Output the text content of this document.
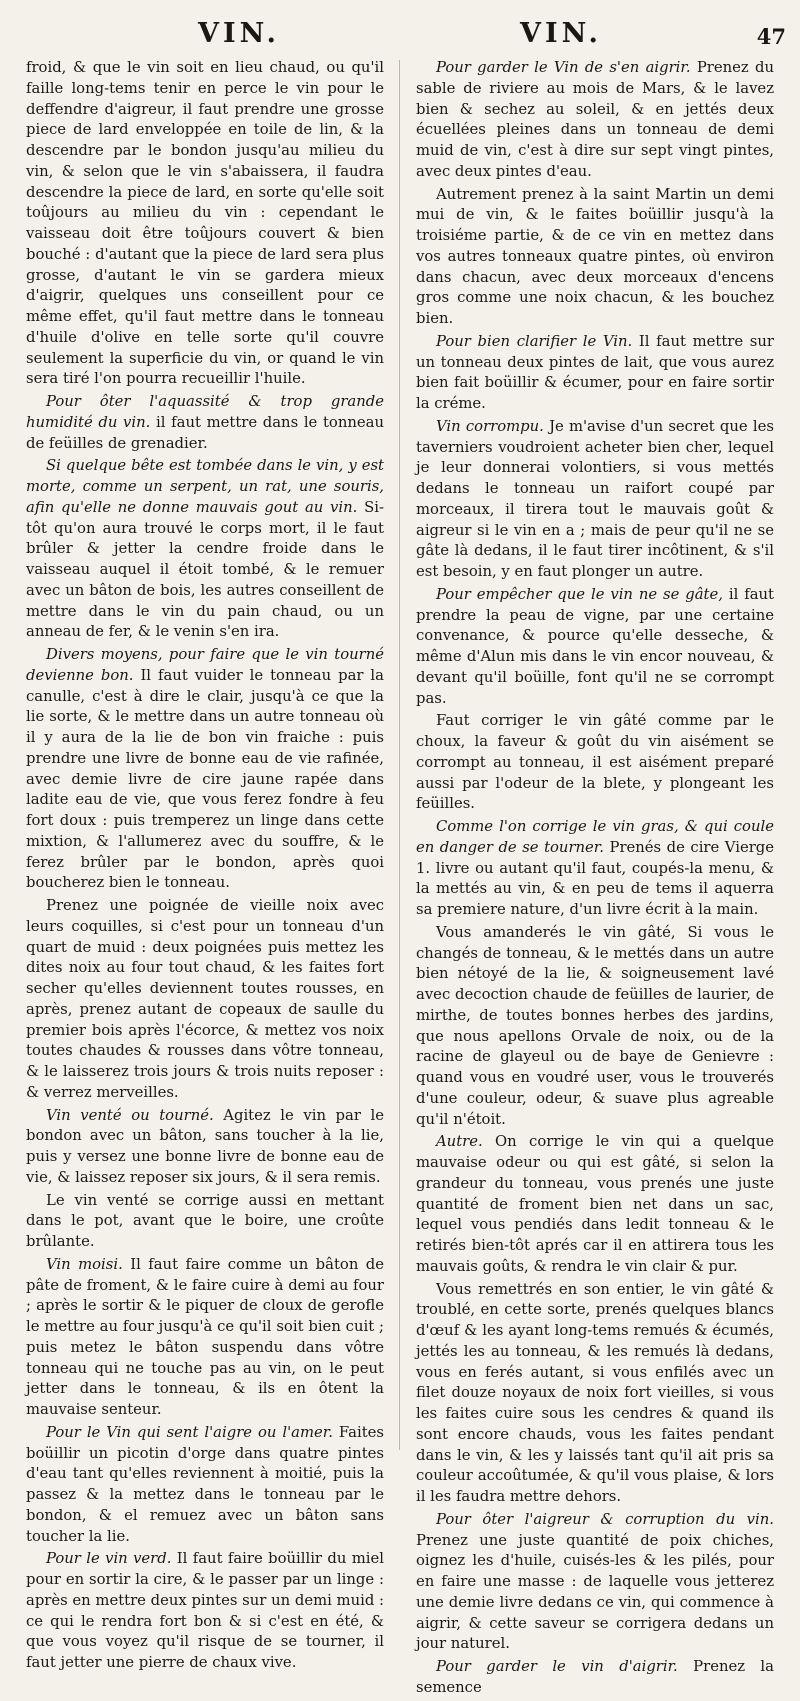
VIN.	VIN.	47

froid, & que le vin soit en lieu chaud, ou qu'il faille long-tems tenir en perce le vin pour le deffendre d'aigreur, il faut prendre une grosse piece de lard enveloppée en toile de lin, & la descendre par le bondon jusqu'au milieu du vin, & selon que le vin s'abaissera, il faudra descendre la piece de lard, en sorte qu'elle soit toûjours au milieu du vin : cependant le vaisseau doit être toûjours couvert & bien bouché : d'autant que la piece de lard sera plus grosse, d'autant le vin se gardera mieux d'aigrir, quelques uns conseillent pour ce même effet, qu'il faut mettre dans le tonneau d'huile d'olive en telle sorte qu'il couvre seulement la superficie du vin, or quand le vin sera tiré l'on pourra recueillir l'huile.

Pour ôter l'aquassité & trop grande humidité du vin. il faut mettre dans le tonneau de feüilles de grenadier.

Si quelque bête est tombée dans le vin, y est morte, comme un serpent, un rat, une souris, afin qu'elle ne donne mauvais gout au vin. Si-tôt qu'on aura trouvé le corps mort, il le faut brûler & jetter la cendre froide dans le vaisseau auquel il étoit tombé, & le remuer avec un bâton de bois, les autres conseillent de mettre dans le vin du pain chaud, ou un anneau de fer, & le venin s'en ira.

Divers moyens, pour faire que le vin tourné devienne bon. Il faut vuider le tonneau par la canulle, c'est à dire le clair, jusqu'à ce que la lie sorte, & le mettre dans un autre tonneau où il y aura de la lie de bon vin fraiche : puis prendre une livre de bonne eau de vie rafinée, avec demie livre de cire jaune rapée dans ladite eau de vie, que vous ferez fondre à feu fort doux : puis tremperez un linge dans cette mixtion, & l'allumerez avec du souffre, & le ferez brûler par le bondon, après quoi boucherez bien le tonneau.

Prenez une poignée de vieille noix avec leurs coquilles, si c'est pour un tonneau d'un quart de muid : deux poignées puis mettez les dites noix au four tout chaud, & les faites fort secher qu'elles deviennent toutes rousses, en après, prenez autant de copeaux de saulle du premier bois après l'écorce, & mettez vos noix toutes chaudes & rousses dans vôtre tonneau, & le laisserez trois jours & trois nuits reposer : & verrez merveilles.

Vin venté ou tourné. Agitez le vin par le bondon avec un bâton, sans toucher à la lie, puis y versez une bonne livre de bonne eau de vie, & laissez reposer six jours, & il sera remis.

Le vin venté se corrige aussi en mettant dans le pot, avant que le boire, une croûte brûlante.

Vin moisi. Il faut faire comme un bâton de pâte de froment, & le faire cuire à demi au four ; après le sortir & le piquer de cloux de gerofle le mettre au four jusqu'à ce qu'il soit bien cuit ; puis metez le bâton suspendu dans vôtre tonneau qui ne touche pas au vin, on le peut jetter dans le tonneau, & ils en ôtent la mauvaise senteur.

Pour le Vin qui sent l'aigre ou l'amer. Faites boüillir un picotin d'orge dans quatre pintes d'eau tant qu'elles reviennent à moitié, puis la passez & la mettez dans le tonneau par le bondon, & el remuez avec un bâton sans toucher la lie.

Pour le vin verd. Il faut faire boüillir du miel pour en sortir la cire, & le passer par un linge : après en mettre deux pintes sur un demi muid : ce qui le rendra fort bon & si c'est en été, & que vous voyez qu'il risque de se tourner, il faut jetter une pierre de chaux vive.

Pour garder le Vin de s'en aigrir. Prenez du sable de riviere au mois de Mars, & le lavez bien & sechez au soleil, & en jettés deux écuellées pleines dans un tonneau de demi muid de vin, c'est à dire sur sept vingt pintes, avec deux pintes d'eau.

Autrement prenez à la saint Martin un demi mui de vin, & le faites boüillir jusqu'à la troisiéme partie, & de ce vin en mettez dans vos autres tonneaux quatre pintes, où environ dans chacun, avec deux morceaux d'encens gros comme une noix chacun, & les bouchez bien.

Pour bien clarifier le Vin. Il faut mettre sur un tonneau deux pintes de lait, que vous aurez bien fait boüillir & écumer, pour en faire sortir la créme.

Vin corrompu. Je m'avise d'un secret que les taverniers voudroient acheter bien cher, lequel je leur donnerai volontiers, si vous mettés dedans le tonneau un raifort coupé par morceaux, il tirera tout le mauvais goût & aigreur si le vin en a ; mais de peur qu'il ne se gâte là dedans, il le faut tirer incôtinent, & s'il est besoin, y en faut plonger un autre.

Pour empêcher que le vin ne se gâte, il faut prendre la peau de vigne, par une certaine convenance, & pource qu'elle desseche, & même d'Alun mis dans le vin encor nouveau, & devant qu'il boüille, font qu'il ne se corrompt pas.

Faut corriger le vin gâté comme par le choux, la faveur & goût du vin aisément se corrompt au tonneau, il est aisément preparé aussi par l'odeur de la blete, y plongeant les feüilles.

Comme l'on corrige le vin gras, & qui coule en danger de se tourner. Prenés de cire Vierge 1. livre ou autant qu'il faut, coupés-la menu, & la mettés au vin, & en peu de tems il aquerra sa premiere nature, d'un livre écrit à la main.

Vous amanderés le vin gâté, Si vous le changés de tonneau, & le mettés dans un autre bien nétoyé de la lie, & soigneusement lavé avec decoction chaude de feüilles de laurier, de mirthe, de toutes bonnes herbes des jardins, que nous apellons Orvale de noix, ou de la racine de glayeul ou de baye de Genievre : quand vous en voudré user, vous le trouverés d'une couleur, odeur, & suave plus agreable qu'il n'étoit.

Autre. On corrige le vin qui a quelque mauvaise odeur ou qui est gâté, si selon la grandeur du tonneau, vous prenés une juste quantité de froment bien net dans un sac, lequel vous pendiés dans ledit tonneau & le retirés bien-tôt aprés car il en attirera tous les mauvais goûts, & rendra le vin clair & pur.

Vous remettrés en son entier, le vin gâté & troublé, en cette sorte, prenés quelques blancs d'œuf & les ayant long-tems remués & écumés, jettés les au tonneau, & les remués là dedans, vous en ferés autant, si vous enfilés avec un filet douze noyaux de noix fort vieilles, si vous les faites cuire sous les cendres & quand ils sont encore chauds, vous les faites pendant dans le vin, & les y laissés tant qu'il ait pris sa couleur accoûtumée, & qu'il vous plaise, & lors il les faudra mettre dehors.

Pour ôter l'aigreur & corruption du vin. Prenez une juste quantité de poix chiches, oignez les d'huile, cuisés-les & les pilés, pour en faire une masse : de laquelle vous jetterez une demie livre dedans ce vin, qui commence à aigrir, & cette saveur se corrigera dedans un jour naturel.

Pour garder le vin d'aigrir. Prenez la semence
